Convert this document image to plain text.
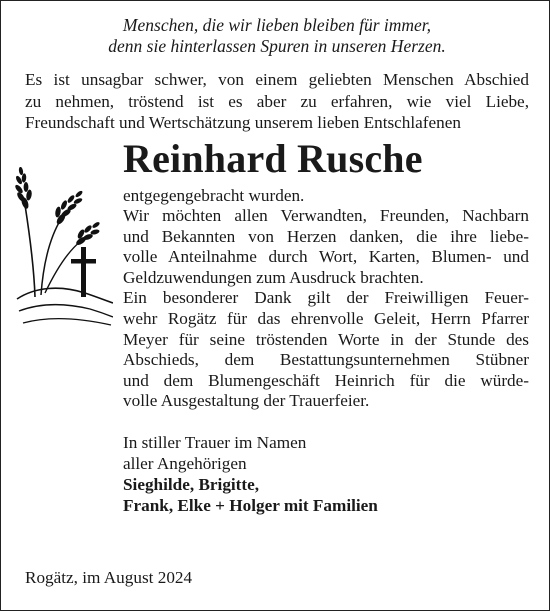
Menschen, die wir lieben bleiben für immer,
denn sie hinterlassen Spuren in unseren Herzen.
Es ist unsagbar schwer, von einem geliebten Menschen Abschied
zu nehmen, tröstend ist es aber zu erfahren, wie viel Liebe,
Freundschaft und Wertschätzung unserem lieben Entschlafenen
Reinhard Rusche
entgegengebracht wurden.
Wir möchten allen Verwandten, Freunden, Nachbarn
und Bekannten von Herzen danken, die ihre liebe-
volle Anteilnahme durch Wort, Karten, Blumen- und
Geldzuwendungen zum Ausdruck brachten.
Ein besonderer Dank gilt der Freiwilligen Feuer-
wehr Rogätz für das ehrenvolle Geleit, Herrn Pfarrer
Meyer für seine tröstenden Worte in der Stunde des
Abschieds, dem Bestattungsunternehmen Stübner
und dem Blumengeschäft Heinrich für die würde-
volle Ausgestaltung der Trauerfeier.
In stiller Trauer im Namen
aller Angehörigen
Sieghilde, Brigitte,
Frank, Elke + Holger mit Familien
Rogätz, im August 2024
